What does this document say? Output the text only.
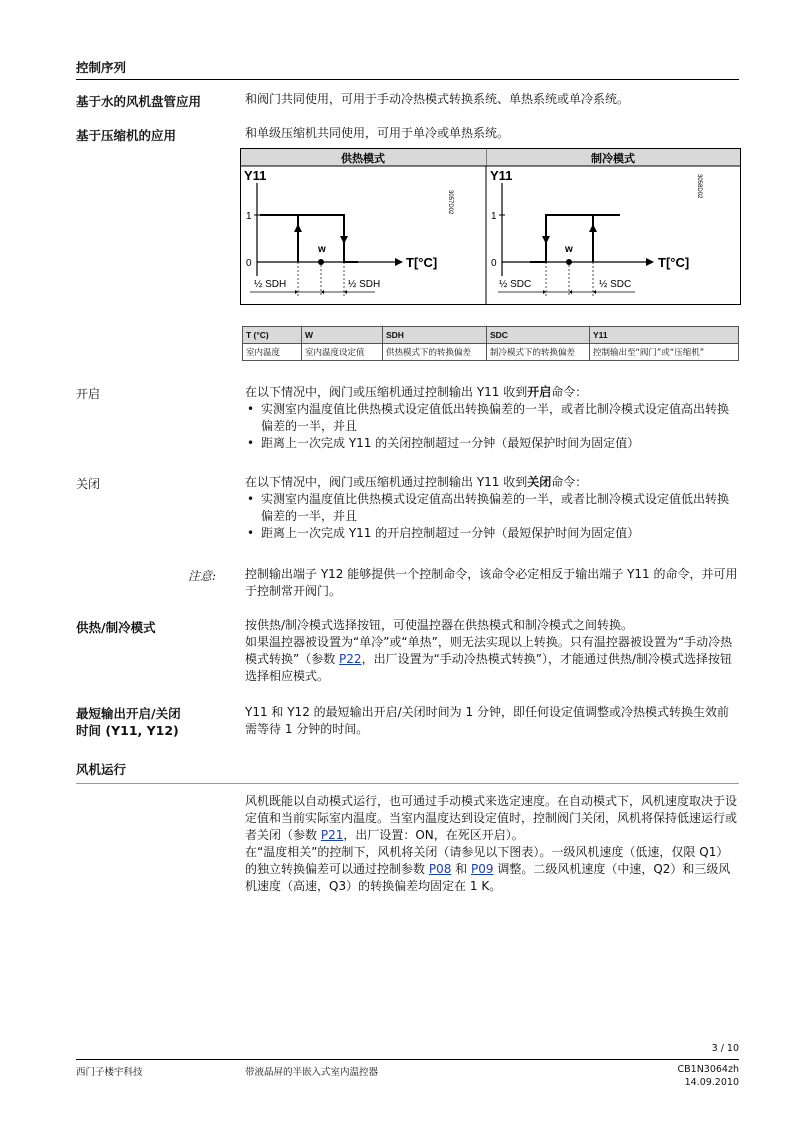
控制序列
基于水的风机盘管应用	和阀门共同使用，可用于手动冷热模式转换系统、单热系统或单冷系统。
基于压缩机的应用	和单级压缩机共同使用，可用于单冷或单热系统。
供热模式
Y11
3057D02
1
0	T[°C]
w
½ SDH	½ SDH
制冷模式
Y11	3058D02
1
0	T[°C]
w
½ SDC	½ SDC
T (°C)	W	SDH	SDC	Y11
室内温度	室内温度设定值	供热模式下的转换偏差	制冷模式下的转换偏差	控制输出至“阀门”或“压缩机”
开启	在以下情况中，阀门或压缩机通过控制输出 Y11 收到开启命令：
• 实测室内温度值比供热模式设定值低出转换偏差的一半，或者比制冷模式设定值高出转换偏差的一半，并且
• 距离上一次完成 Y11 的关闭控制超过一分钟（最短保护时间为固定值）
关闭	在以下情况中，阀门或压缩机通过控制输出 Y11 收到关闭命令：
• 实测室内温度值比供热模式设定值高出转换偏差的一半，或者比制冷模式设定值低出转换偏差的一半，并且
• 距离上一次完成 Y11 的开启控制超过一分钟（最短保护时间为固定值）
注意: 控制输出端子 Y12 能够提供一个控制命令，该命令必定相反于输出端子 Y11 的命令，并可用于控制常开阀门。
供热/制冷模式	按供热/制冷模式选择按钮，可使温控器在供热模式和制冷模式之间转换。
如果温控器被设置为“单冷”或“单热”，则无法实现以上转换。只有温控器被设置为“手动冷热模式转换”（参数 P22，出厂设置为“手动冷热模式转换”），才能通过供热/制冷模式选择按钮选择相应模式。
最短输出开启/关闭
时间 (Y11, Y12)
Y11 和 Y12 的最短输出开启/关闭时间为 1 分钟，即任何设定值调整或冷热模式转换生效前需等待 1 分钟的时间。
风机运行
风机既能以自动模式运行，也可通过手动模式来选定速度。在自动模式下，风机速度取决于设定值和当前实际室内温度。当室内温度达到设定值时，控制阀门关闭，风机将保持低速运行或者关闭（参数 P21，出厂设置：ON，在死区开启）。
在“温度相关”的控制下，风机将关闭（请参见以下图表）。一级风机速度（低速，仅限 Q1）的独立转换偏差可以通过控制参数 P08 和 P09 调整。二级风机速度（中速，Q2）和三级风机速度（高速，Q3）的转换偏差均固定在 1 K。
3 / 10
西门子楼宇科技	带液晶屏的半嵌入式室内温控器	CB1N3064zh
14.09.2010
